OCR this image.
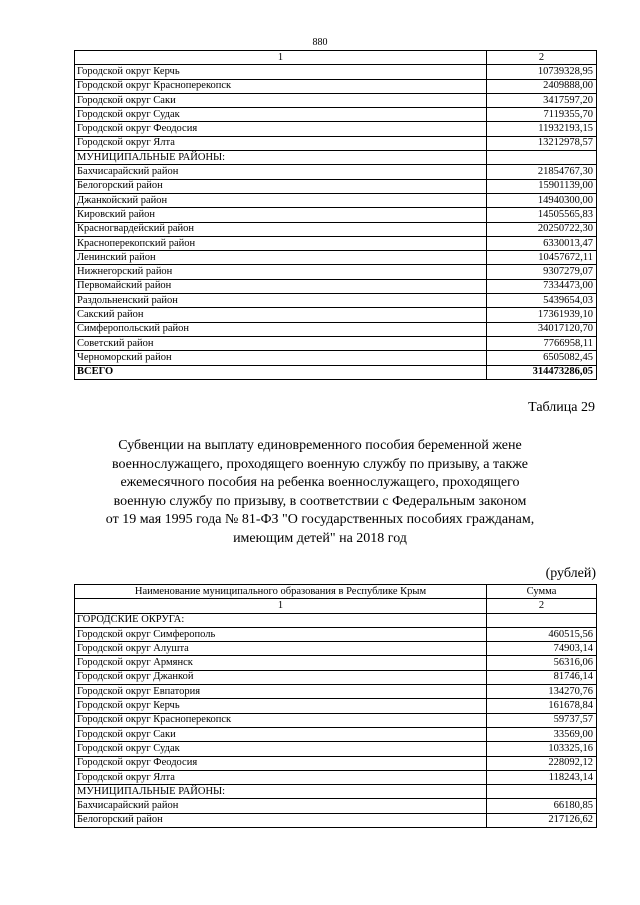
880
1	2
Городской округ Керчь	10739328,95
Городской округ Красноперекопск	2409888,00
Городской округ Саки	3417597,20
Городской округ Судак	7119355,70
Городской округ Феодосия	11932193,15
Городской округ Ялта	13212978,57
МУНИЦИПАЛЬНЫЕ РАЙОНЫ:	
Бахчисарайский район	21854767,30
Белогорский район	15901139,00
Джанкойский район	14940300,00
Кировский район	14505565,83
Красногвардейский район	20250722,30
Красноперекопский район	6330013,47
Ленинский район	10457672,11
Нижнегорский район	9307279,07
Первомайский район	7334473,00
Раздольненский район	5439654,03
Сакский район	17361939,10
Симферопольский район	34017120,70
Советский район	7766958,11
Черноморский район	6505082,45
ВСЕГО	314473286,05
Таблица 29
Субвенции на выплату единовременного пособия беременной жене
военнослужащего, проходящего военную службу по призыву, а также
ежемесячного пособия на ребенка военнослужащего, проходящего
военную службу по призыву, в соответствии с Федеральным законом
от 19 мая 1995 года № 81-ФЗ "О государственных пособиях гражданам,
имеющим детей" на 2018 год
(рублей)
Наименование муниципального образования в Республике Крым	Сумма
1	2
ГОРОДСКИЕ ОКРУГА:	
Городской округ Симферополь	460515,56
Городской округ Алушта	74903,14
Городской округ Армянск	56316,06
Городской округ Джанкой	81746,14
Городской округ Евпатория	134270,76
Городской округ Керчь	161678,84
Городской округ Красноперекопск	59737,57
Городской округ Саки	33569,00
Городской округ Судак	103325,16
Городской округ Феодосия	228092,12
Городской округ Ялта	118243,14
МУНИЦИПАЛЬНЫЕ РАЙОНЫ:	
Бахчисарайский район	66180,85
Белогорский район	217126,62
